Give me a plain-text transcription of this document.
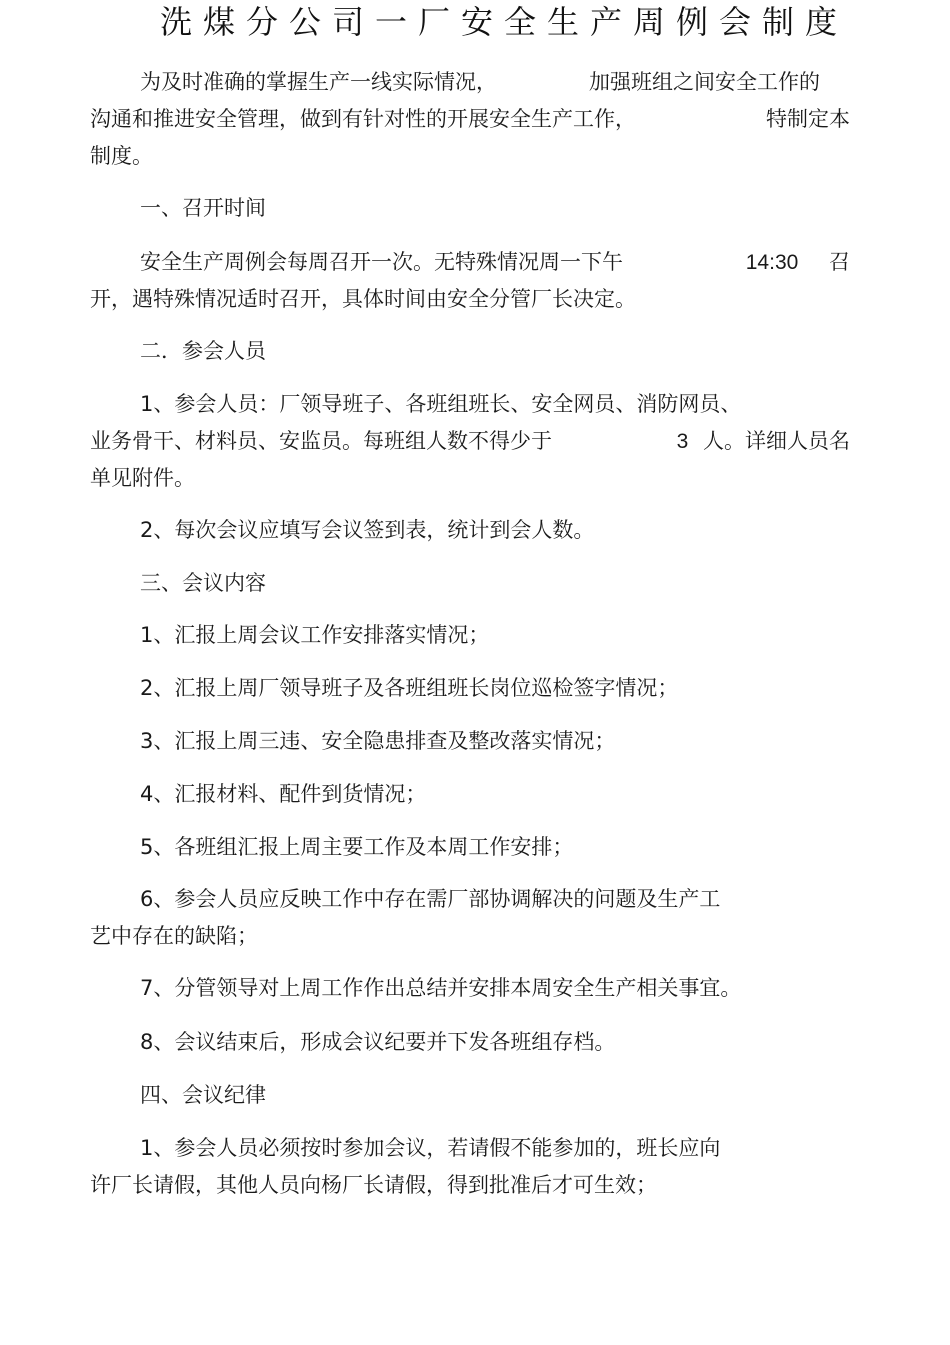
洗煤分公司一厂安全生产周例会制度
为及时准确的掌握生产一线实际情况，	加强班组之间安全工作的
沟通和推进安全管理，做到有针对性的开展安全生产工作，	特制定本
制度。
一、召开时间
安全生产周例会每周召开一次。无特殊情况周一下午	14:30 召
开，遇特殊情况适时召开，具体时间由安全分管厂长决定。
二．参会人员
1、参会人员：厂领导班子、各班组班长、安全网员、消防网员、
业务骨干、材料员、安监员。每班组人数不得少于	3 人。详细人员名
单见附件。
2、每次会议应填写会议签到表，统计到会人数。
三、会议内容
1、汇报上周会议工作安排落实情况；
2、汇报上周厂领导班子及各班组班长岗位巡检签字情况；
3、汇报上周三违、安全隐患排查及整改落实情况；
4、汇报材料、配件到货情况；
5、各班组汇报上周主要工作及本周工作安排；
6、参会人员应反映工作中存在需厂部协调解决的问题及生产工
艺中存在的缺陷；
7、分管领导对上周工作作出总结并安排本周安全生产相关事宜。
8、会议结束后，形成会议纪要并下发各班组存档。
四、会议纪律
1、参会人员必须按时参加会议，若请假不能参加的，班长应向
许厂长请假，其他人员向杨厂长请假，得到批准后才可生效；
